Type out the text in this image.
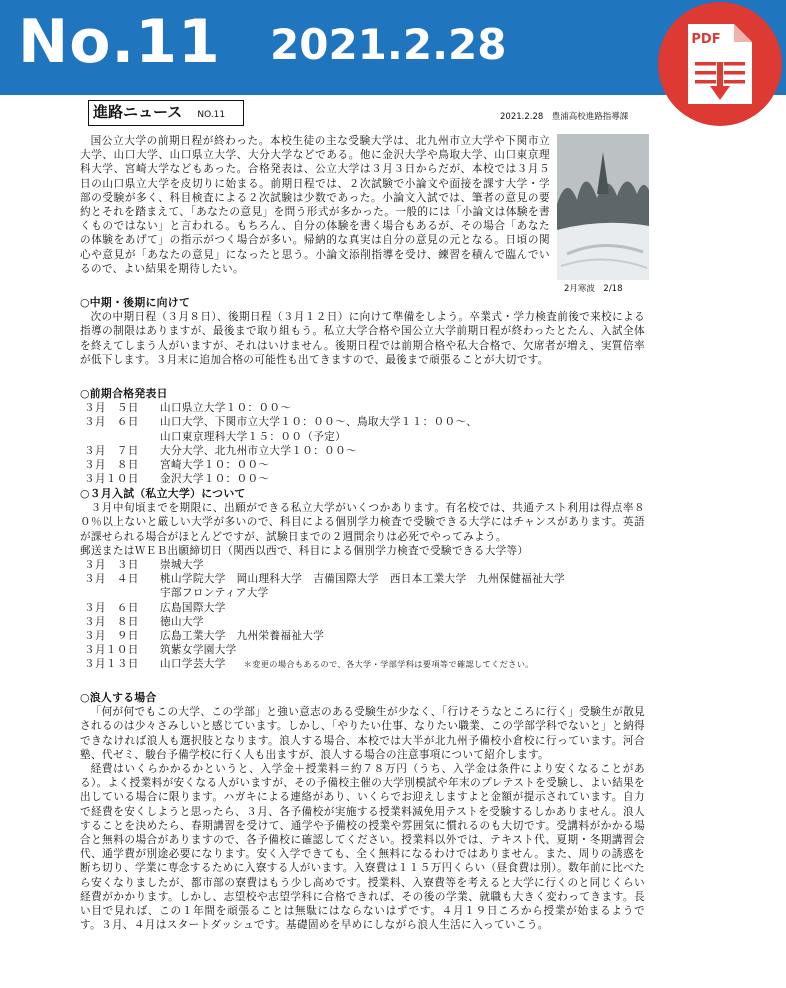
No.11 2021.2.28	PDF
進路ニュース NO.11	2021.2.28　豊浦高校進路指導課

国公立大学の前期日程が終わった。本校生徒の主な受験大学は、北九州市立大学や下関市立大学、山口大学、山口県立大学、大分大学などである。他に金沢大学や鳥取大学、山口東京理科大学、宮崎大学などもあった。合格発表は、公立大学は３月３日からだが、本校では３月５日の山口県立大学を皮切りに始まる。前期日程では、２次試験で小論文や面接を課す大学・学部の受験が多く、科目検査による２次試験は少数であった。小論文入試では、筆者の意見の要約とそれを踏まえて、「あなたの意見」を問う形式が多かった。一般的には「小論文は体験を書くものではない」と言われる。もちろん、自分の体験を書く場合もあるが、その場合「あなたの体験をあげて」の指示がつく場合が多い。帰納的な真実は自分の意見の元となる。日頃の関心や意見が「あなたの意見」になったと思う。小論文添削指導を受け、練習を積んで臨んでいるので、よい結果を期待したい。

2月寒波　2/18
○中期・後期に向けて

次の中期日程（３月８日）、後期日程（３月１２日）に向けて準備をしよう。卒業式・学力検査前後で来校による指導の制限はありますが、最後まで取り組もう。私立大学合格や国公立大学前期日程が終わったとたん、入試全体を終えてしまう人がいますが、それはいけません。後期日程では前期合格や私大合格で、欠席者が増え、実質倍率が低下します。３月末に追加合格の可能性も出てきますので、最後まで頑張ることが大切です。

○前期合格発表日
３月　５日	山口県立大学１０：００～
３月　６日	山口大学、下関市立大学１０：００～、鳥取大学１１：００～、
山口東京理科大学１５：００（予定）
３月　７日	大分大学、北九州市立大学１０：００～
３月　８日	宮崎大学１０：００～
３月１０日	金沢大学１０：００～
○３月入試（私立大学）について

３月中旬頃までを期限に、出願ができる私立大学がいくつかあります。有名校では、共通テスト利用は得点率８０％以上ないと厳しい大学が多いので、科目による個別学力検査で受験できる大学にはチャンスがあります。英語が課せられる場合がほとんどですが、試験日までの２週間余りは必死でやってみよう。

郵送またはＷＥＢ出願締切日（関西以西で、科目による個別学力検査で受験できる大学等）
３月　３日	崇城大学
３月　４日	桃山学院大学　岡山理科大学　吉備国際大学　西日本工業大学　九州保健福祉大学
宇部フロンティア大学
３月　６日	広島国際大学
３月　８日	徳山大学
３月　９日	広島工業大学　九州栄養福祉大学
３月１０日	筑紫女学園大学
３月１３日	山口学芸大学 ＊変更の場合もあるので、各大学・学部学科は要項等で確認してください。
○浪人する場合

「何が何でもこの大学、この学部」と強い意志のある受験生が少なく、「行けそうなところに行く」受験生が散見されるのは少々さみしいと感じています。しかし、「やりたい仕事、なりたい職業、この学部学科でないと」と納得できなければ浪人も選択肢となります。浪人する場合、本校では大半が北九州予備校小倉校に行っています。河合塾、代ゼミ、駿台予備学校に行く人も出ますが、浪人する場合の注意事項について紹介します。

経費はいくらかかるかというと、入学金＋授業料＝約７８万円（うち、入学金は条件により安くなることがある）。よく授業料が安くなる人がいますが、その予備校主催の大学別模試や年末のプレテストを受験し、よい結果を出している場合に限ります。ハガキによる連絡があり、いくらでお迎えしますよと金額が提示されています。自力で経費を安くしようと思ったら、３月、各予備校が実施する授業料減免用テストを受験するしかありません。浪人することを決めたら、春期講習を受けて、通学や予備校の授業や雰囲気に慣れるのも大切です。受講料がかかる場合と無料の場合がありますので、各予備校に確認してください。授業料以外では、テキスト代、夏期・冬期講習会代、通学費が別途必要になります。安く入学できても、全く無料になるわけではありません。また、周りの誘惑を断ち切り、学業に専念するために入寮する人がいます。入寮費は１１５万円くらい（昼食費は別）。数年前に比べたら安くなりましたが、都市部の寮費はもう少し高めです。授業料、入寮費等を考えると大学に行くのと同じくらい経費がかかります。しかし、志望校や志望学科に合格できれば、その後の学業、就職も大きく変わってきます。長い目で見れば、この１年間を頑張ることは無駄にはならないはずです。４月１９日ころから授業が始まるようです。３月、４月はスタートダッシュです。基礎固めを早めにしながら浪人生活に入っていこう。
